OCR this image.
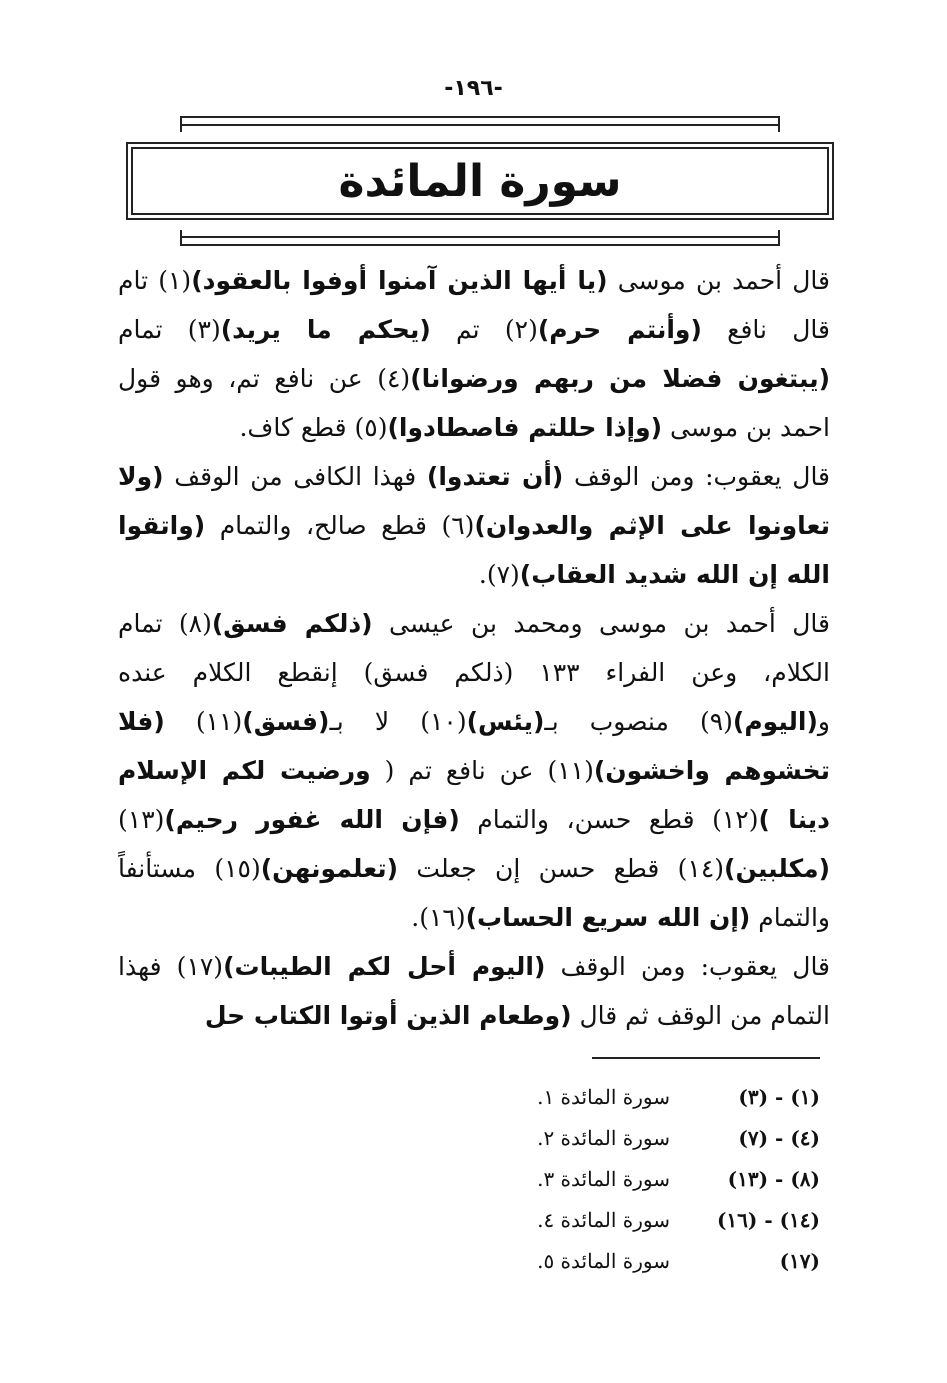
-١٩٦-
سورة المائدة
قال أحمد بن موسى (يا أيها الذين آمنوا أوفوا بالعقود)(١) تام
قال نافع (وأنتم حرم)(٢) تم (يحكم ما يريد)(٣) تمام
(يبتغون فضلا من ربهم ورضوانا)(٤) عن نافع تم، وهو قول
احمد بن موسى (وإذا حللتم فاصطادوا)(٥) قطع كاف.
قال يعقوب: ومن الوقف (أن تعتدوا) فهذا الكافى من الوقف (ولا
تعاونوا على الإثم والعدوان)(٦) قطع صالح، والتمام (واتقوا
الله إن الله شديد العقاب)(٧).
قال أحمد بن موسى ومحمد بن عيسى (ذلكم فسق)(٨) تمام
الكلام، وعن الفراء ١٣٣ (ذلكم فسق) إنقطع الكلام عنده
و(اليوم)(٩) منصوب بـ(يئس)(١٠) لا بـ(فسق)(١١) (فلا
تخشوهم واخشون)(١١) عن نافع تم ( ورضيت لكم الإسلام
دينا )(١٢) قطع حسن، والتمام (فإن الله غفور رحيم)(١٣)
(مكلبين)(١٤) قطع حسن إن جعلت (تعلمونهن)(١٥) مستأنفاً
والتمام (إن الله سريع الحساب)(١٦).
قال يعقوب: ومن الوقف (اليوم أحل لكم الطيبات)(١٧) فهذا
التمام من الوقف ثم قال (وطعام الذين أوتوا الكتاب حل
(١) - (٣)
سورة المائدة ١.
(٤) - (٧)
سورة المائدة ٢.
(٨) - (١٣)
سورة المائدة ٣.
(١٤) - (١٦)
سورة المائدة ٤.
(١٧)
سورة المائدة ٥.
